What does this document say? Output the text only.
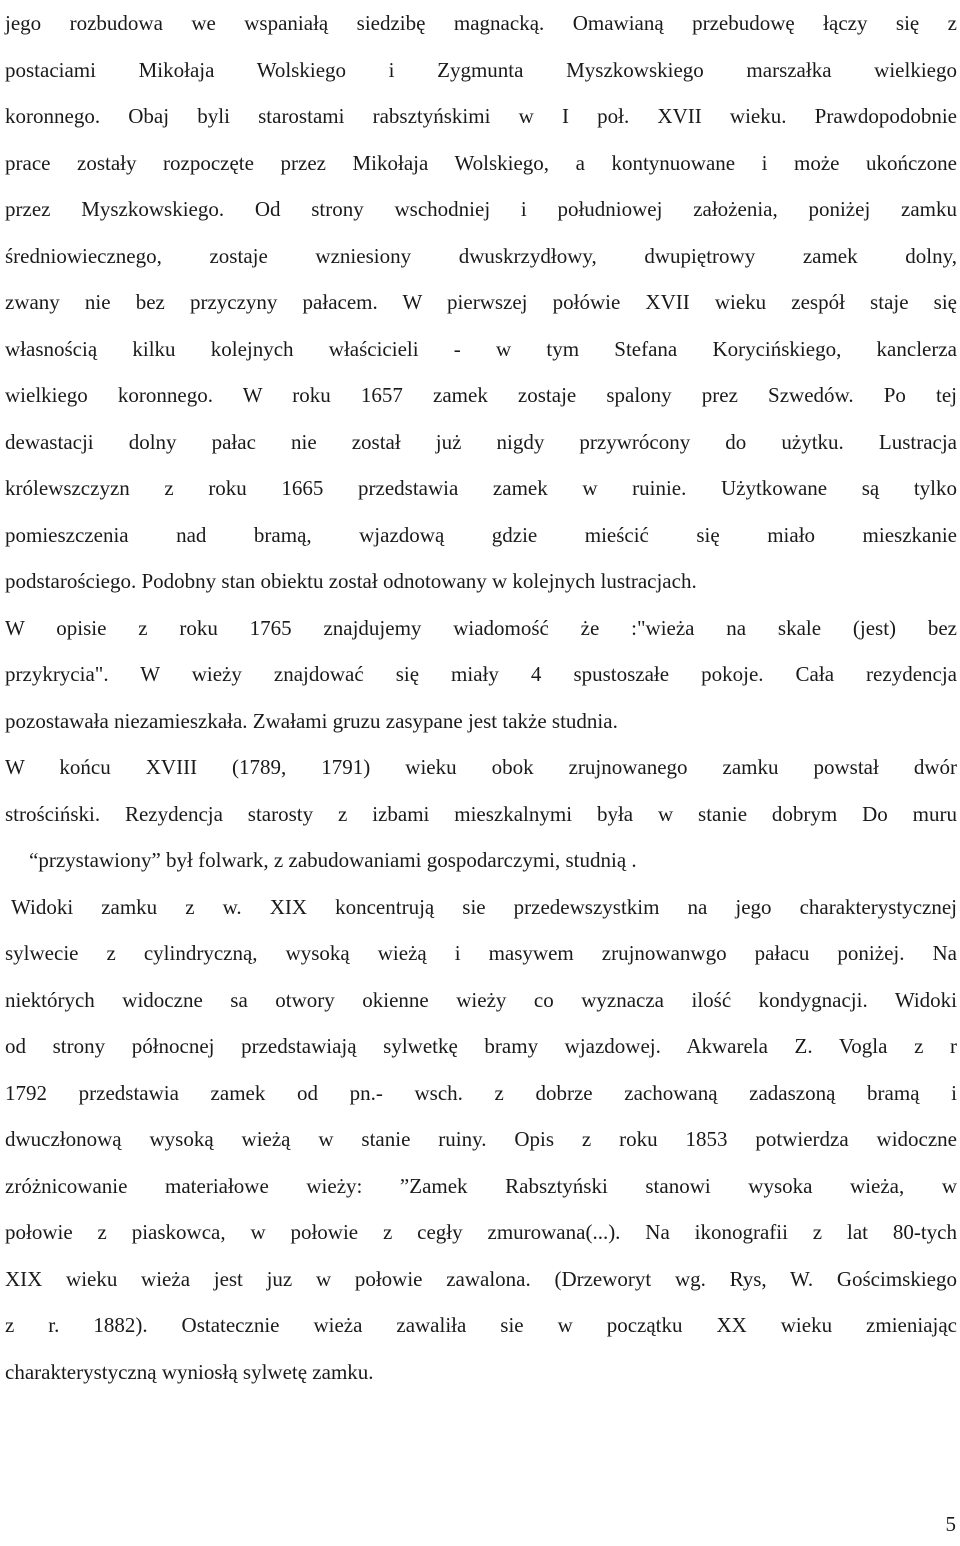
jego rozbudowa we wspaniałą siedzibę magnacką. Omawianą przebudowę łączy się z
postaciami Mikołaja Wolskiego i Zygmunta Myszkowskiego marszałka wielkiego
koronnego. Obaj byli starostami rabsztyńskimi w I poł. XVII wieku. Prawdopodobnie
prace zostały rozpoczęte przez Mikołaja Wolskiego, a kontynuowane i może ukończone
przez Myszkowskiego. Od strony wschodniej i południowej założenia, poniżej zamku
średniowiecznego, zostaje wzniesiony dwuskrzydłowy, dwupiętrowy zamek dolny,
zwany nie bez przyczyny pałacem. W pierwszej połówie XVII wieku zespół staje się
własnością kilku kolejnych właścicieli - w tym Stefana Korycińskiego, kanclerza
wielkiego koronnego. W roku 1657 zamek zostaje spalony prez Szwedów. Po tej
dewastacji dolny pałac nie został już nigdy przywrócony do użytku. Lustracja
królewszczyzn z roku 1665 przedstawia zamek w ruinie. Użytkowane są tylko
pomieszczenia nad bramą, wjazdową gdzie mieścić się miało mieszkanie
podstarościego. Podobny stan obiektu został odnotowany w kolejnych lustracjach.
W opisie z roku 1765 znajdujemy wiadomość że :"wieża na skale (jest) bez
przykrycia". W wieży znajdować się miały 4 spustoszałe pokoje. Cała rezydencja
pozostawała niezamieszkała. Zwałami gruzu zasypane jest także studnia.
W końcu XVIII (1789, 1791) wieku obok zrujnowanego zamku powstał dwór
strościński. Rezydencja starosty z izbami mieszkalnymi była w stanie dobrym Do muru
“przystawiony” był folwark, z zabudowaniami gospodarczymi, studnią .
Widoki zamku z w. XIX koncentrują sie przedewszystkim na jego charakterystycznej
sylwecie z cylindryczną, wysoką wieżą i masywem zrujnowanwgo pałacu poniżej. Na
niektórych widoczne sa otwory okienne wieży co wyznacza ilość kondygnacji. Widoki
od strony północnej przedstawiają sylwetkę bramy wjazdowej. Akwarela Z. Vogla z r
1792 przedstawia zamek od pn.- wsch. z dobrze zachowaną zadaszoną bramą i
dwuczłonową wysoką wieżą w stanie ruiny. Opis z roku 1853 potwierdza widoczne
zróżnicowanie materiałowe wieży: ”Zamek Rabsztyński stanowi wysoka wieża, w
połowie z piaskowca, w połowie z cegły zmurowana(...). Na ikonografii z lat 80-tych
XIX wieku wieża jest juz w połowie zawalona. (Drzeworyt wg. Rys, W. Gościmskiego
z r. 1882). Ostatecznie wieża zawaliła sie w początku XX wieku zmieniając
charakterystyczną wyniosłą sylwetę zamku.
5
